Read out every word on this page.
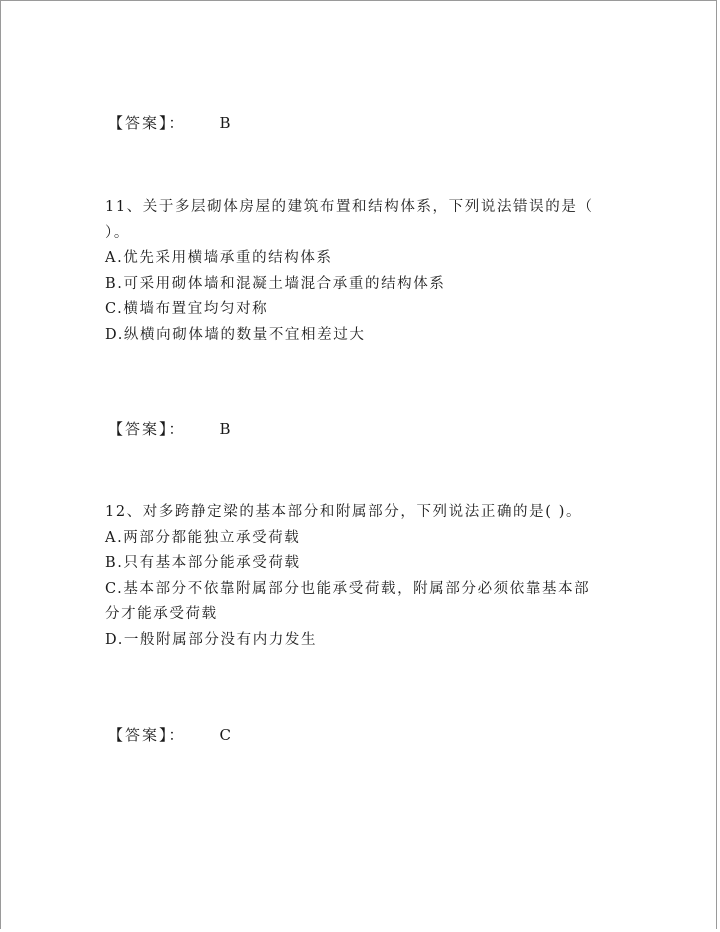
【答案】： B
11、关于多层砌体房屋的建筑布置和结构体系，下列说法错误的是（
）。
A.优先采用横墙承重的结构体系
B.可采用砌体墙和混凝土墙混合承重的结构体系
C.横墙布置宜均匀对称
D.纵横向砌体墙的数量不宜相差过大
【答案】： B
12、对多跨静定梁的基本部分和附属部分，下列说法正确的是( )。
A.两部分都能独立承受荷载
B.只有基本部分能承受荷载
C.基本部分不依靠附属部分也能承受荷载，附属部分必须依靠基本部
分才能承受荷载
D.一般附属部分没有内力发生
【答案】： C
